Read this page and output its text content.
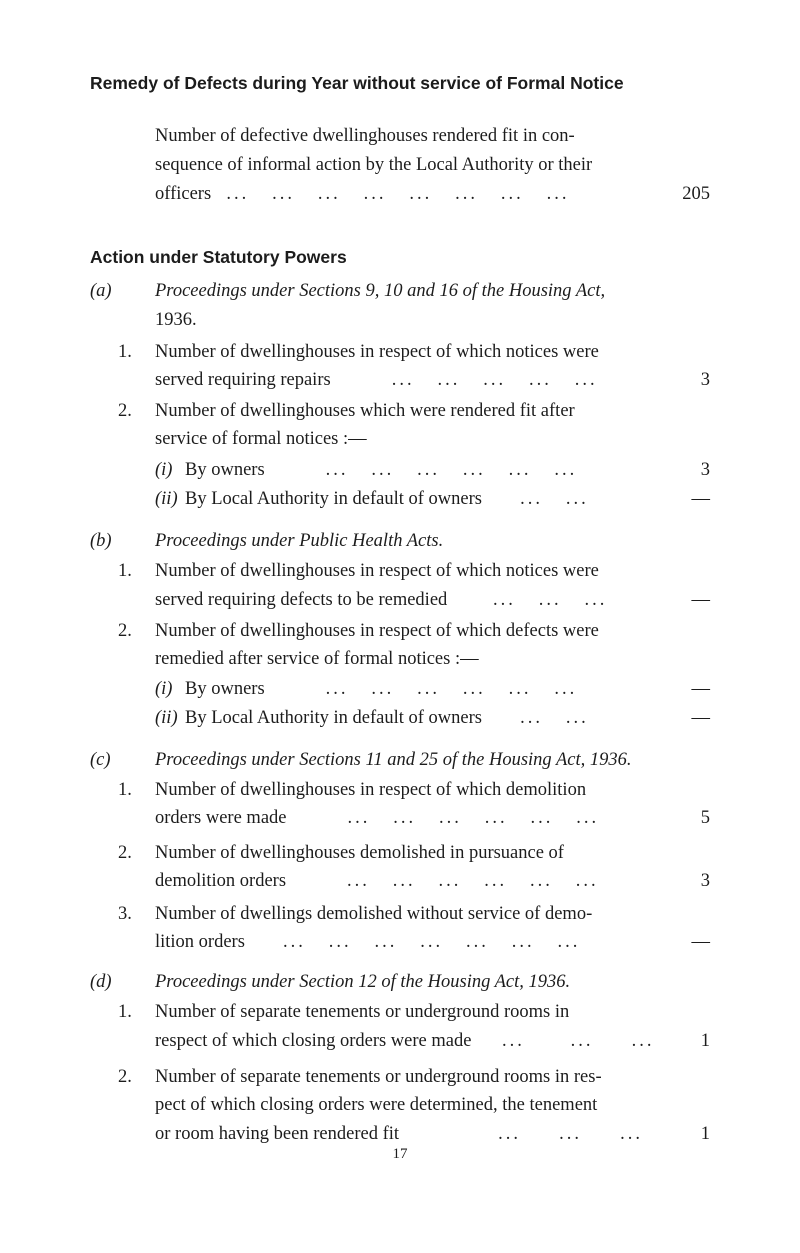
Remedy of Defects during Year without service of Formal Notice
Number of defective dwellinghouses rendered fit in con-
sequence of informal action by the Local Authority or their
officers  ...   ...   ...   ...   ...   ...   ...   ...	205
Action under Statutory Powers
(a) Proceedings under Sections 9, 10 and 16 of the Housing Act,
1936.
1. Number of dwellinghouses in respect of which notices were
served requiring repairs        ...   ...   ...   ...   ...	3
2. Number of dwellinghouses which were rendered fit after
service of formal notices :—
(i) By owners        ...   ...   ...   ...   ...   ...	3
(ii) By Local Authority in default of owners     ...   ...	—
(b) Proceedings under Public Health Acts.
1. Number of dwellinghouses in respect of which notices were
served requiring defects to be remedied      ...   ...   ...	—
2. Number of dwellinghouses in respect of which defects were
remedied after service of formal notices :—
(i) By owners        ...   ...   ...   ...   ...   ...	—
(ii) By Local Authority in default of owners     ...   ...	—
(c) Proceedings under Sections 11 and 25 of the Housing Act, 1936.
1. Number of dwellinghouses in respect of which demolition
orders were made        ...   ...   ...   ...   ...   ...	5
2. Number of dwellinghouses demolished in pursuance of
demolition orders        ...   ...   ...   ...   ...   ...	3
3. Number of dwellings demolished without service of demo-
lition orders     ...   ...   ...   ...   ...   ...   ...	—
(d) Proceedings under Section 12 of the Housing Act, 1936.
1. Number of separate tenements or underground rooms in
respect of which closing orders were made    ...      ...     ...	1
2. Number of separate tenements or underground rooms in res-
pect of which closing orders were determined, the tenement
or room having been rendered fit             ...     ...     ...	1
17
